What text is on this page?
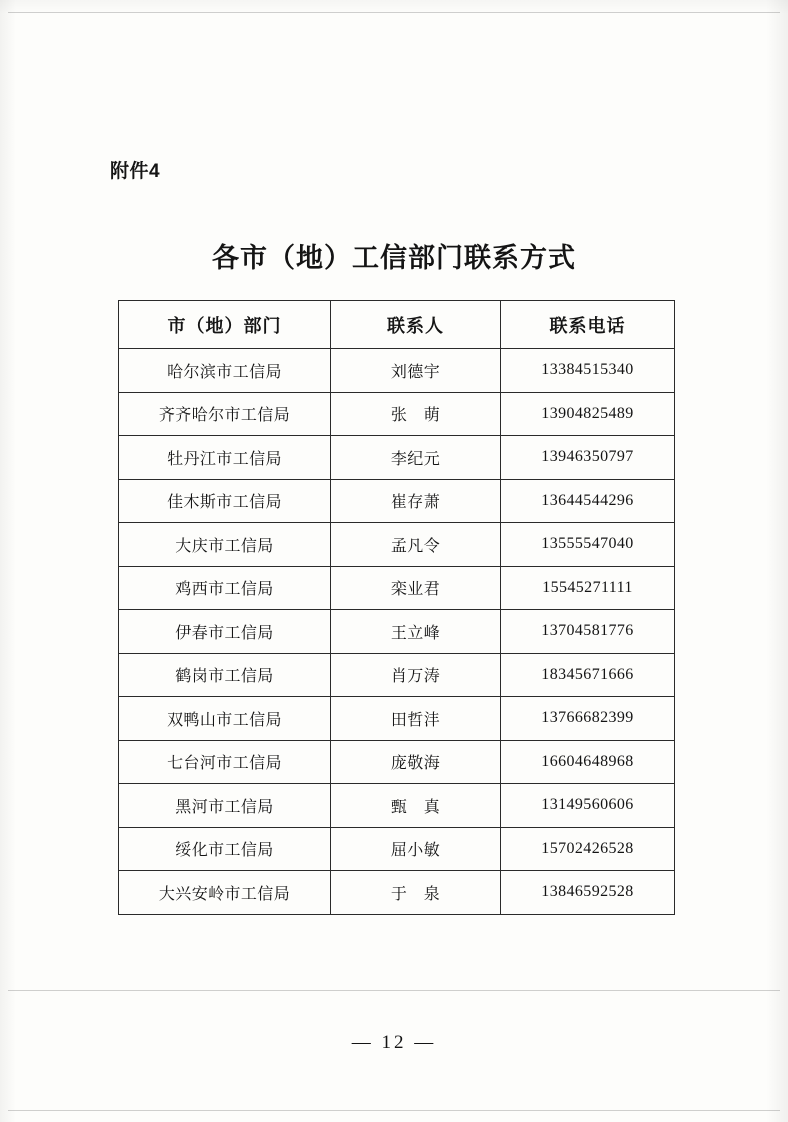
附件4
各市（地）工信部门联系方式
市（地）部门	联系人	联系电话
哈尔滨市工信局	刘德宇	13384515340
齐齐哈尔市工信局	张　萌	13904825489
牡丹江市工信局	李纪元	13946350797
佳木斯市工信局	崔存萧	13644544296
大庆市工信局	孟凡令	13555547040
鸡西市工信局	栾业君	15545271111
伊春市工信局	王立峰	13704581776
鹤岗市工信局	肖万涛	18345671666
双鸭山市工信局	田哲沣	13766682399
七台河市工信局	庞敬海	16604648968
黑河市工信局	甄　真	13149560606
绥化市工信局	屈小敏	15702426528
大兴安岭市工信局	于　泉	13846592528
— 12 —
